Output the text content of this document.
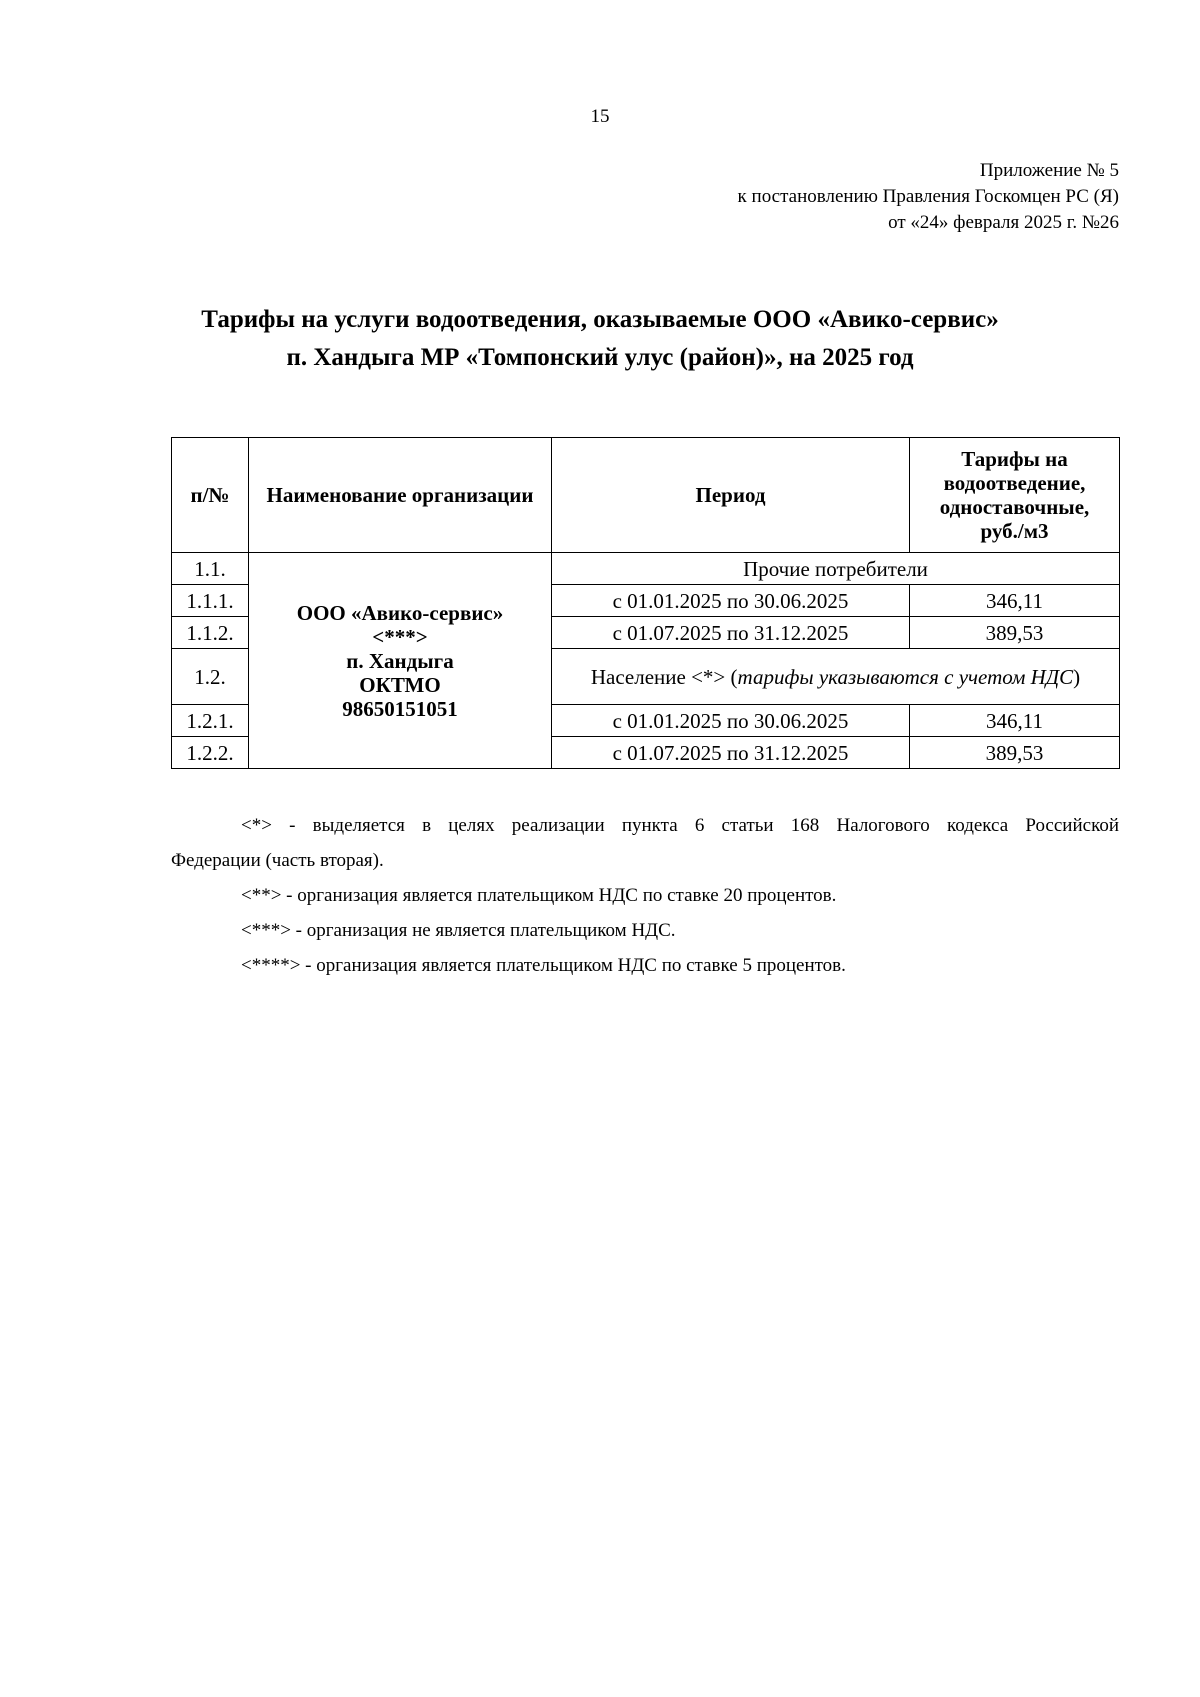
15
Приложение № 5
к постановлению Правления Госкомцен РС (Я)
от «24» февраля 2025 г. №26
Тарифы на услуги водоотведения, оказываемые ООО «Авико-сервис»
п. Хандыга МР «Томпонский улус (район)», на 2025 год
п/№	Наименование организации	Период	Тарифы на водоотведение, одноставочные, руб./м3
1.1.	ООО «Авико-сервис»
<***>
п. Хандыга
ОКТМО
98650151051	Прочие потребители	
1.1.1.		с 01.01.2025 по 30.06.2025	346,11
1.1.2.		с 01.07.2025 по 31.12.2025	389,53
1.2.		Население <*> (тарифы указываются с учетом НДС)	
1.2.1.		с 01.01.2025 по 30.06.2025	346,11
1.2.2.		с 01.07.2025 по 31.12.2025	389,53

<*> - выделяется в целях реализации пункта 6 статьи 168 Налогового кодекса Российской

Федерации (часть вторая).

<**> - организация является плательщиком НДС по ставке 20 процентов.

<***> - организация не является плательщиком НДС.

<****> - организация является плательщиком НДС по ставке 5 процентов.
